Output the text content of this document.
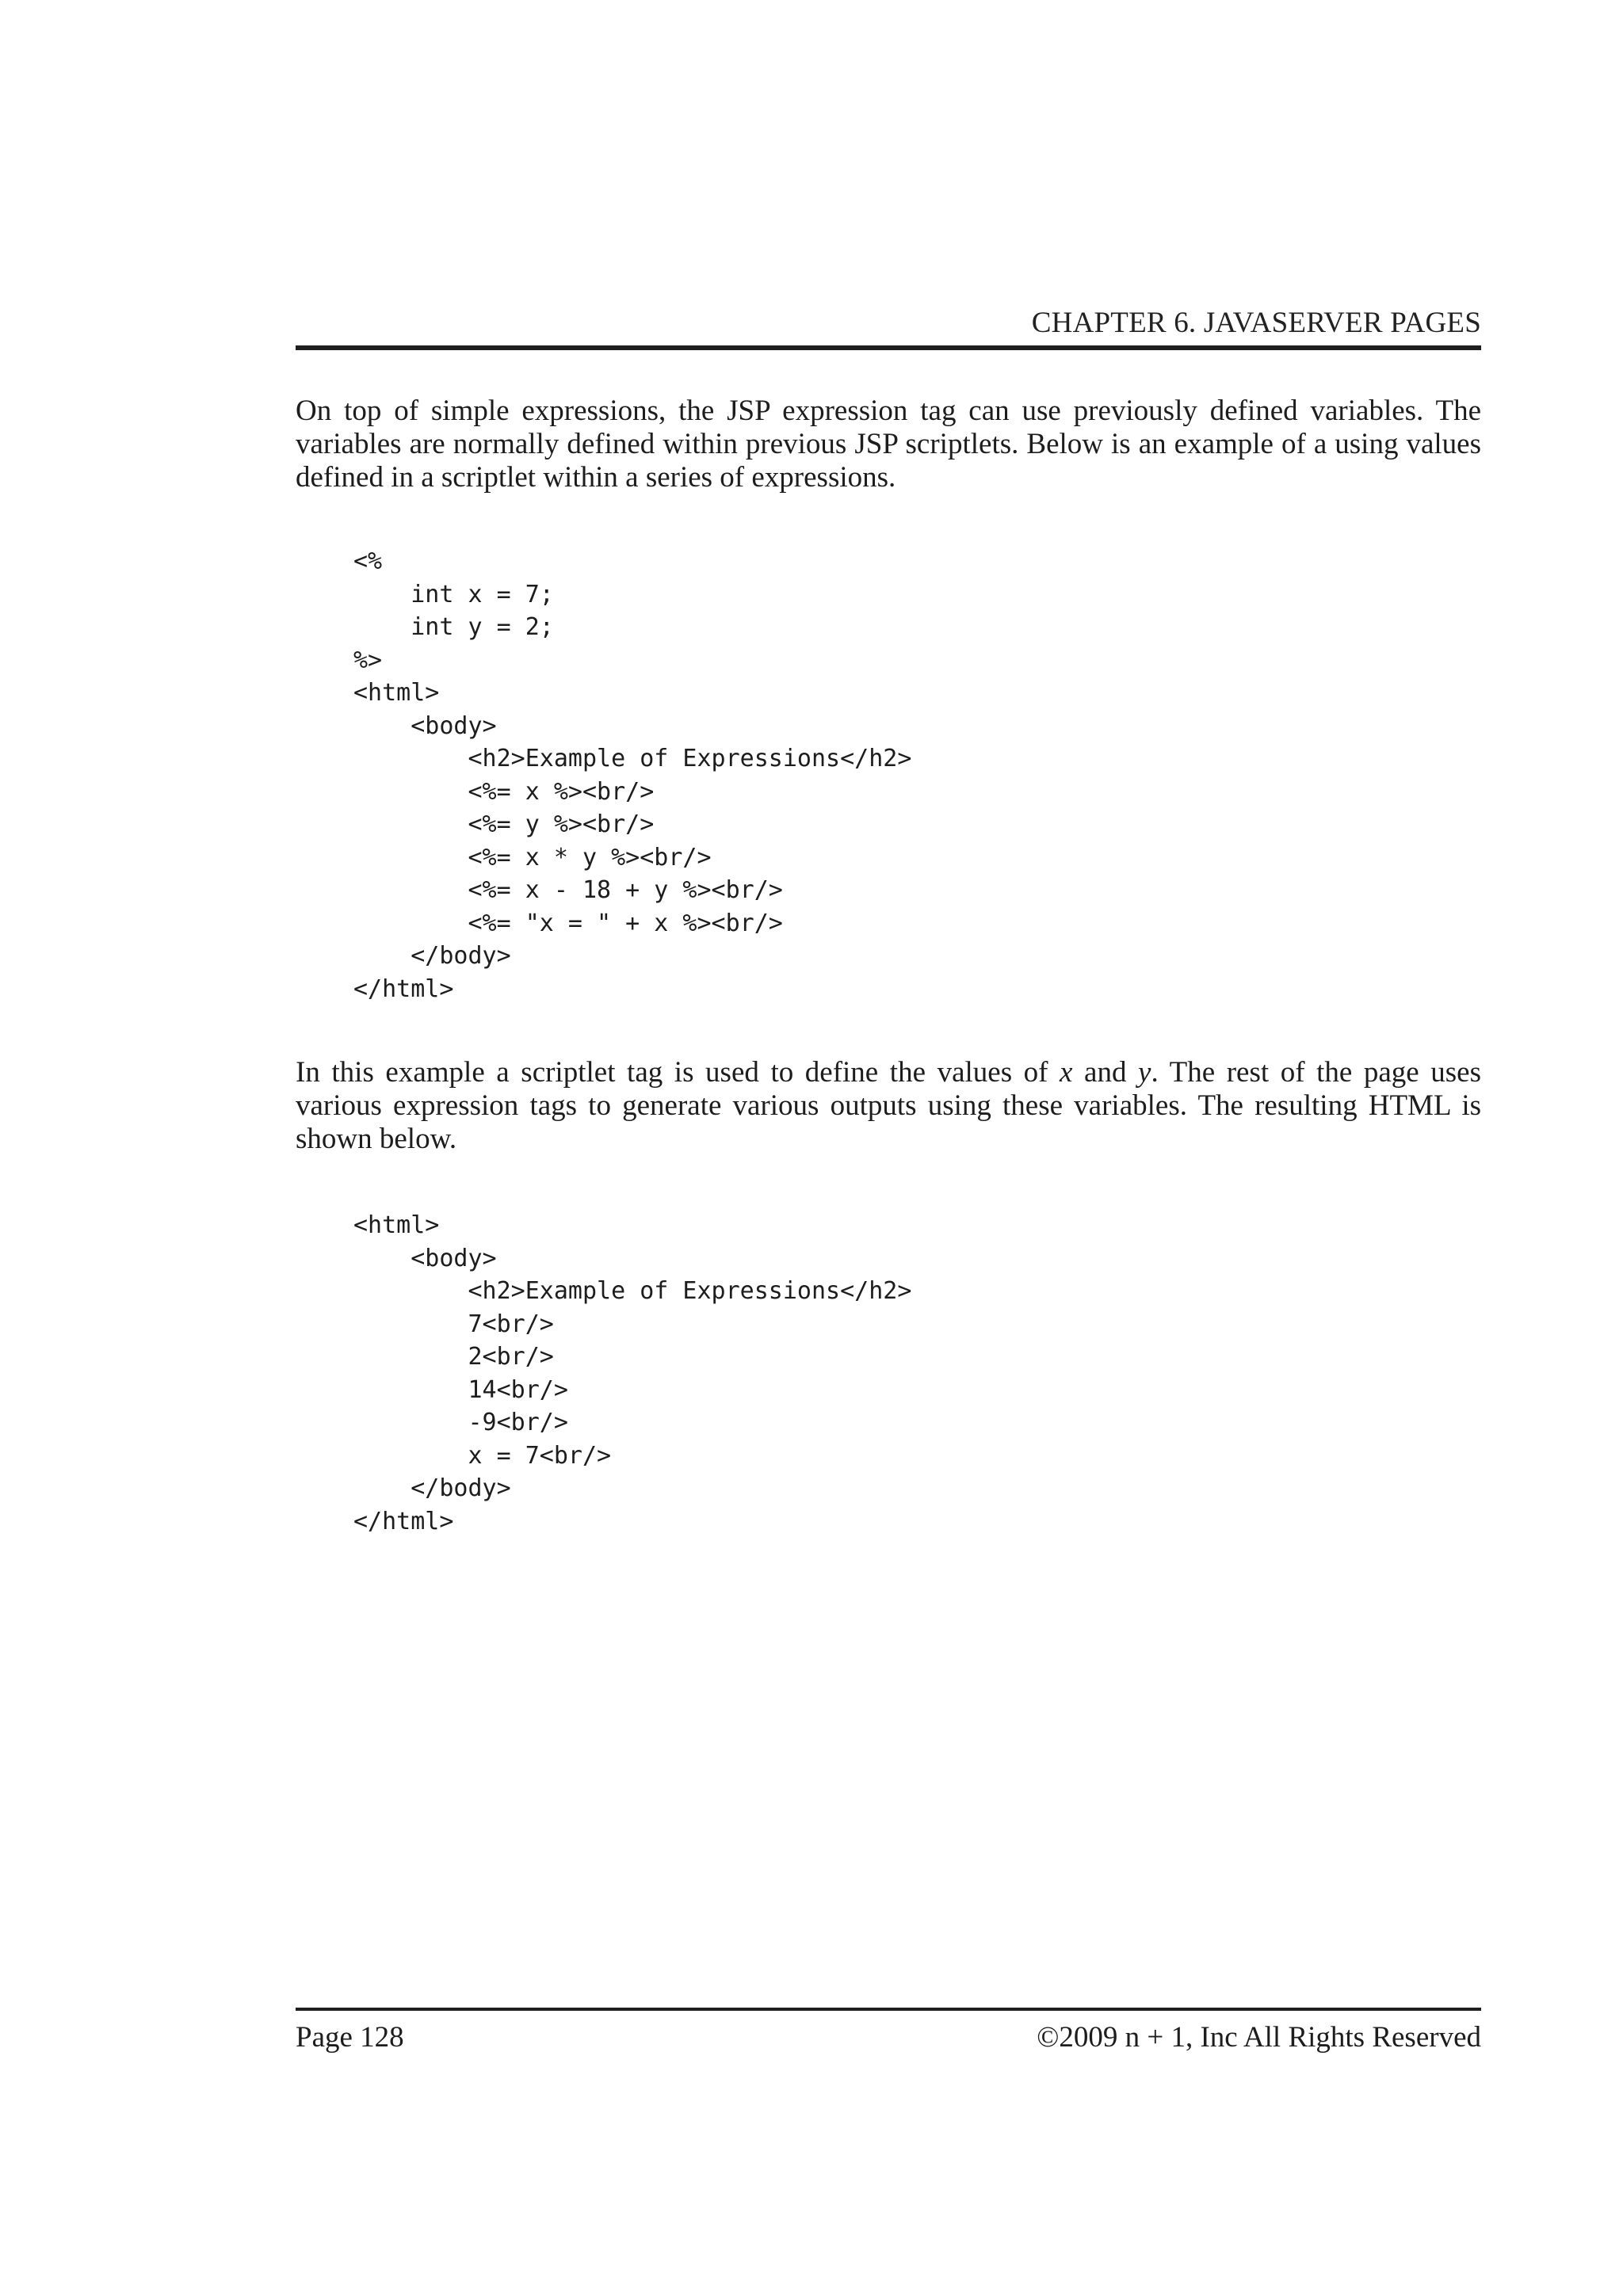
CHAPTER 6. JAVASERVER PAGES

On top of simple expressions, the JSP expression tag can use previously defined variables. The variables are normally defined within previous JSP scriptlets. Below is an example of a using values defined in a scriptlet within a series of expressions.

<%
int x = 7;
int y = 2;
%>
<html>
<body>
<h2>Example of Expressions</h2>
<%= x %><br/>
<%= y %><br/>
<%= x * y %><br/>
<%= x - 18 + y %><br/>
<%= "x = " + x %><br/>
</body>
</html>

In this example a scriptlet tag is used to define the values of x and y. The rest of the page uses various expression tags to generate various outputs using these variables. The resulting HTML is shown below.

<html>
<body>
<h2>Example of Expressions</h2>
7<br/>
2<br/>
14<br/>
-9<br/>
x = 7<br/>
</body>
</html>
Page 128	©2009 n + 1, Inc All Rights Reserved
